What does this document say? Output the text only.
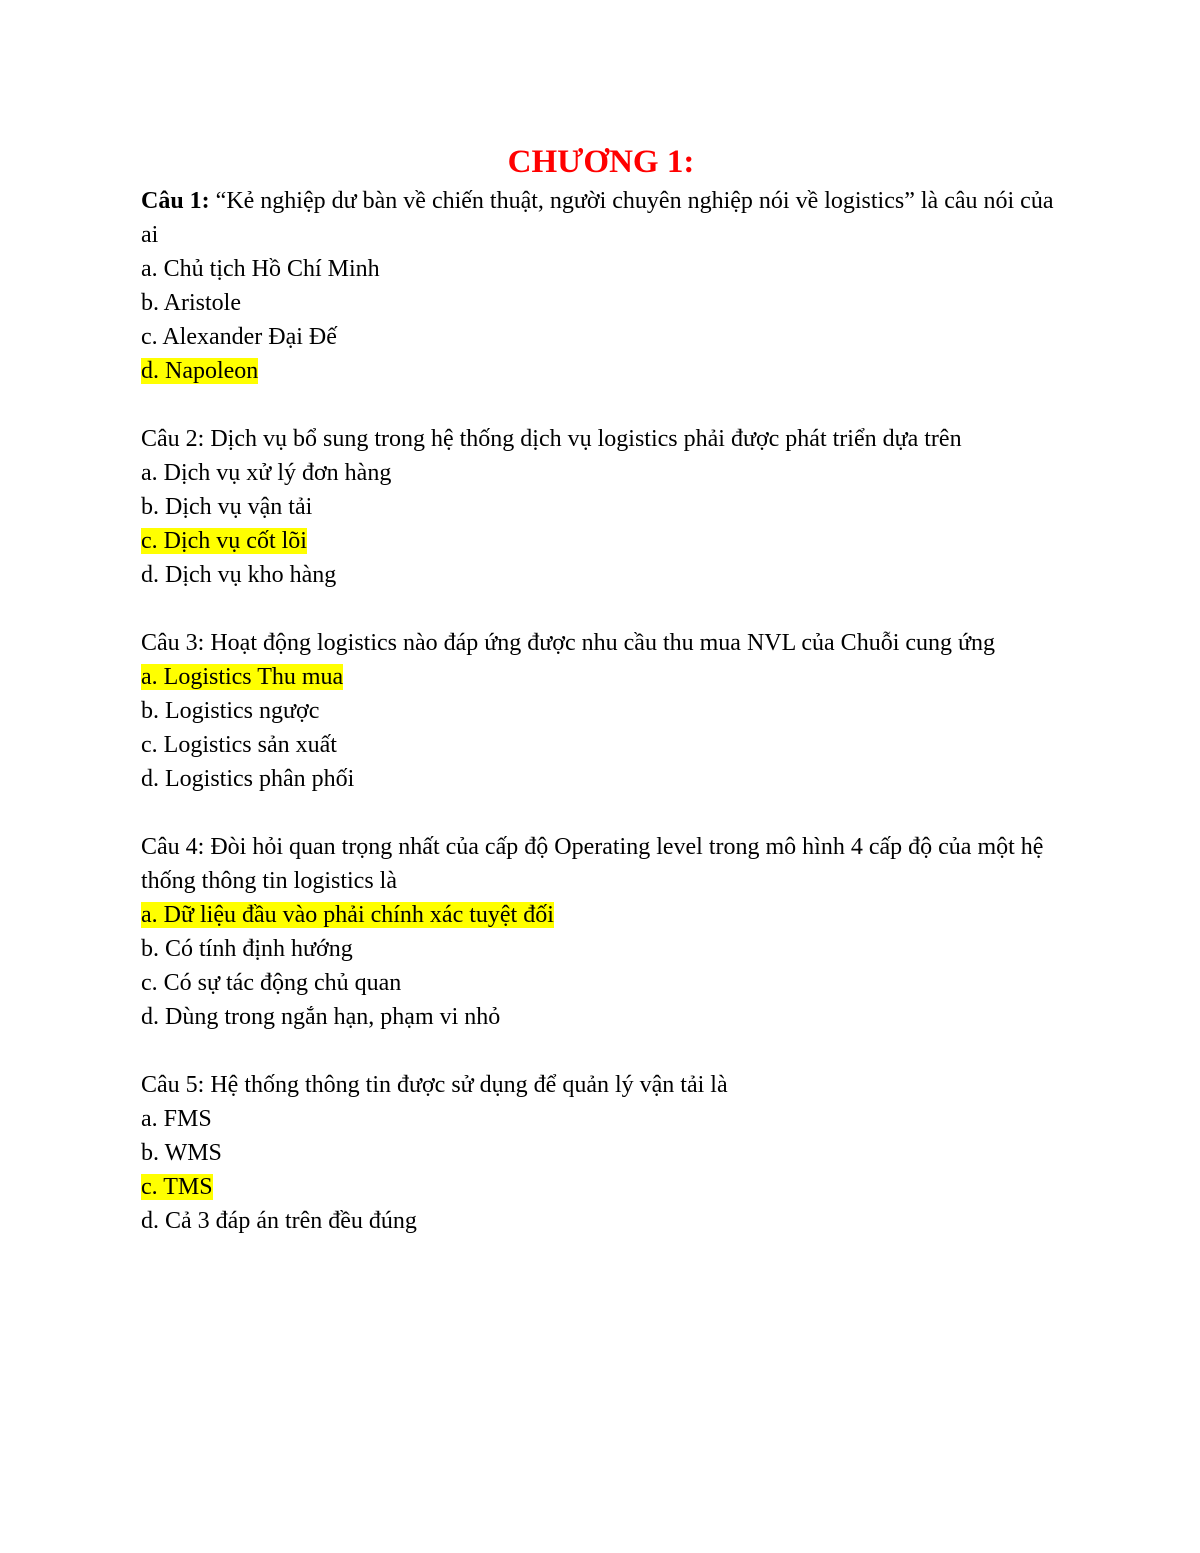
CHƯƠNG 1:
Câu 1: “Kẻ nghiệp dư bàn về chiến thuật, người chuyên nghiệp nói về logistics” là câu nói của ai
a. Chủ tịch Hồ Chí Minh
b. Aristole
c. Alexander Đại Đế
d. Napoleon
Câu 2: Dịch vụ bổ sung trong hệ thống dịch vụ logistics phải được phát triển dựa trên
a. Dịch vụ xử lý đơn hàng
b. Dịch vụ vận tải
c. Dịch vụ cốt lõi
d. Dịch vụ kho hàng
Câu 3: Hoạt động logistics nào đáp ứng được nhu cầu thu mua NVL của Chuỗi cung ứng
a. Logistics Thu mua
b. Logistics ngược
c. Logistics sản xuất
d. Logistics phân phối
Câu 4: Đòi hỏi quan trọng nhất của cấp độ Operating level trong mô hình 4 cấp độ của một hệ thống thông tin logistics là
a. Dữ liệu đầu vào phải chính xác tuyệt đối
b. Có tính định hướng
c. Có sự tác động chủ quan
d. Dùng trong ngắn hạn, phạm vi nhỏ
Câu 5: Hệ thống thông tin được sử dụng để quản lý vận tải là
a. FMS
b. WMS
c. TMS
d. Cả 3 đáp án trên đều đúng
